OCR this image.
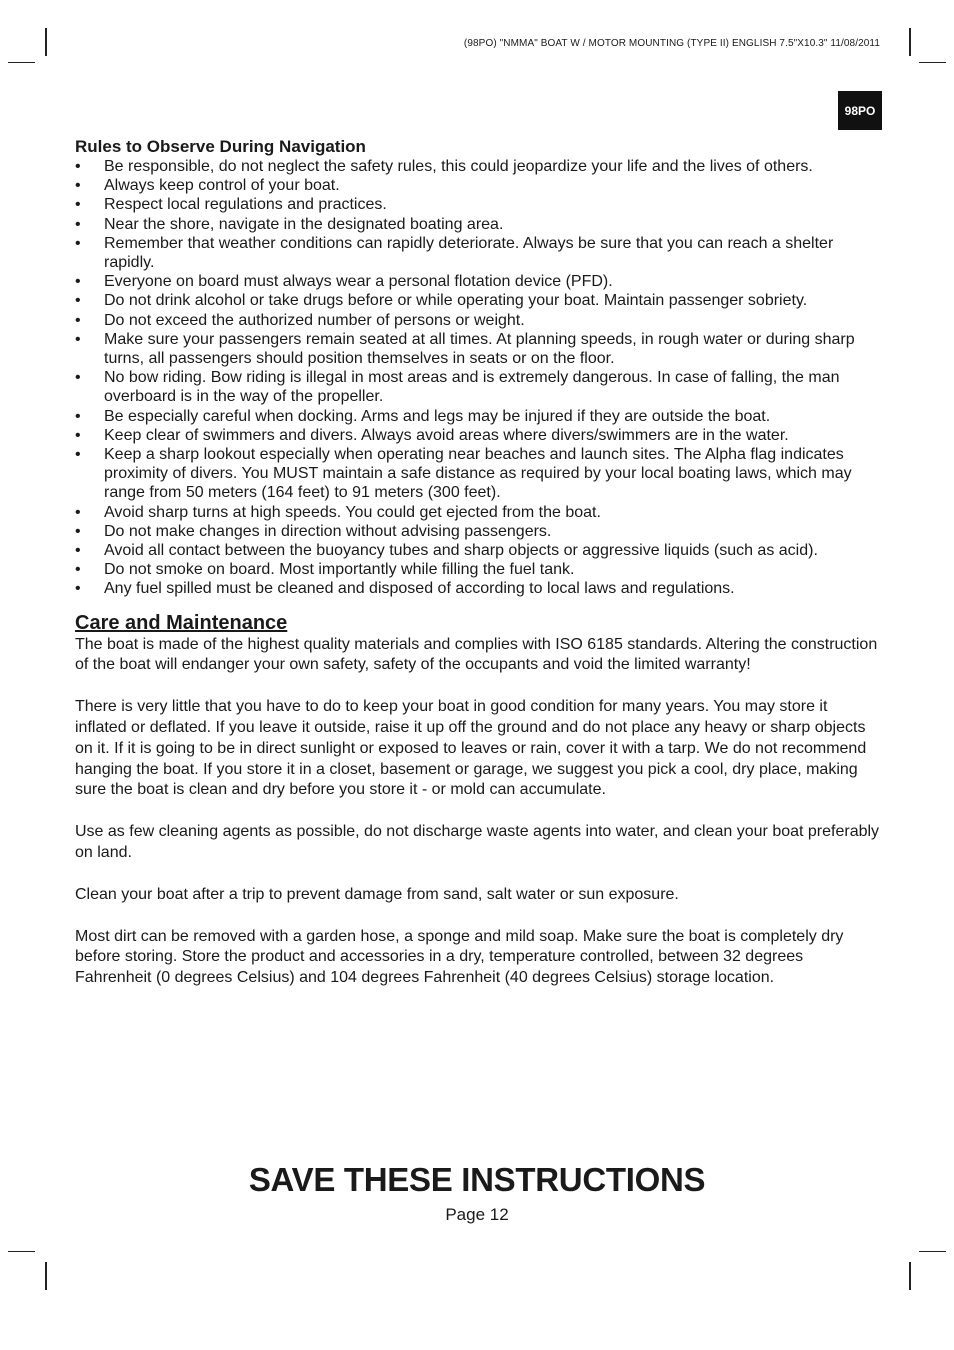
(98PO) "NMMA" BOAT W / MOTOR MOUNTING (TYPE II) ENGLISH 7.5"X10.3" 11/08/2011
98PO
Rules to Observe During Navigation
• Be responsible, do not neglect the safety rules, this could jeopardize your life and the lives of others.
• Always keep control of your boat.
• Respect local regulations and practices.
• Near the shore, navigate in the designated boating area.
• Remember that weather conditions can rapidly deteriorate. Always be sure that you can reach a shelter rapidly.
• Everyone on board must always wear a personal flotation device (PFD).
• Do not drink alcohol or take drugs before or while operating your boat. Maintain passenger sobriety.
• Do not exceed the authorized number of persons or weight.
• Make sure your passengers remain seated at all times. At planning speeds, in rough water or during sharp turns, all passengers should position themselves in seats or on the floor.
• No bow riding. Bow riding is illegal in most areas and is extremely dangerous. In case of falling, the man overboard is in the way of the propeller.
• Be especially careful when docking. Arms and legs may be injured if they are outside the boat.
• Keep clear of swimmers and divers. Always avoid areas where divers/swimmers are in the water.
• Keep a sharp lookout especially when operating near beaches and launch sites. The Alpha flag indicates proximity of divers. You MUST maintain a safe distance as required by your local boating laws, which may range from 50 meters (164 feet) to 91 meters (300 feet).
• Avoid sharp turns at high speeds. You could get ejected from the boat.
• Do not make changes in direction without advising passengers.
• Avoid all contact between the buoyancy tubes and sharp objects or aggressive liquids (such as acid).
• Do not smoke on board. Most importantly while filling the fuel tank.
• Any fuel spilled must be cleaned and disposed of according to local laws and regulations.
Care and Maintenance

The boat is made of the highest quality materials and complies with ISO 6185 standards. Altering the construction of the boat will endanger your own safety, safety of the occupants and void the limited warranty!

There is very little that you have to do to keep your boat in good condition for many years. You may store it inflated or deflated. If you leave it outside, raise it up off the ground and do not place any heavy or sharp objects on it. If it is going to be in direct sunlight or exposed to leaves or rain, cover it with a tarp. We do not recommend hanging the boat. If you store it in a closet, basement or garage, we suggest you pick a cool, dry place, making sure the boat is clean and dry before you store it - or mold can accumulate.

Use as few cleaning agents as possible, do not discharge waste agents into water, and clean your boat preferably on land.

Clean your boat after a trip to prevent damage from sand, salt water or sun exposure.

Most dirt can be removed with a garden hose, a sponge and mild soap. Make sure the boat is completely dry before storing. Store the product and accessories in a dry, temperature controlled, between 32 degrees Fahrenheit (0 degrees Celsius) and 104 degrees Fahrenheit (40 degrees Celsius) storage location.

SAVE THESE INSTRUCTIONS
Page 12
